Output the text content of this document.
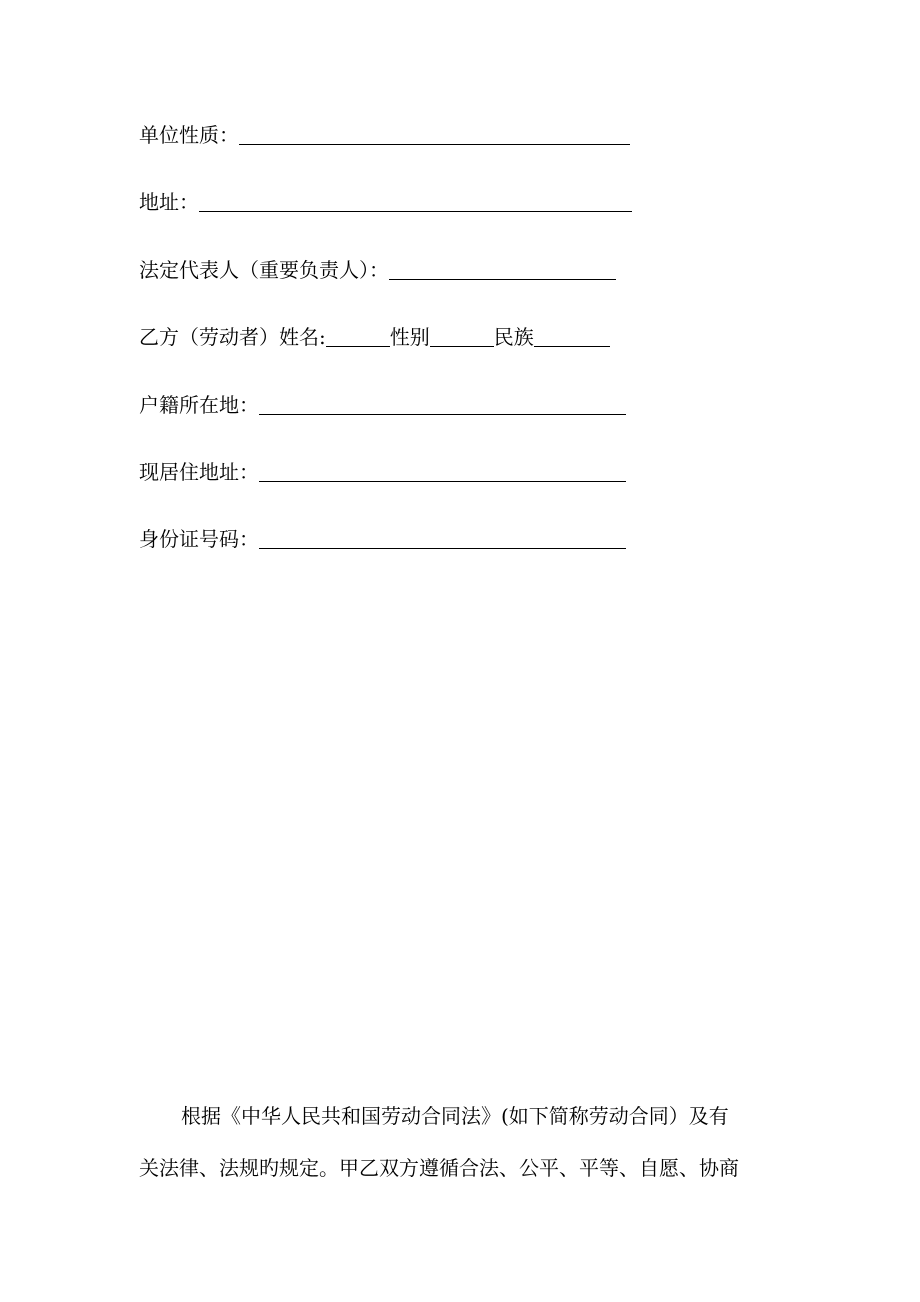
单位性质：
地址：
法定代表人（重要负责人）：
乙方（劳动者）姓名:	性别	民族
户籍所在地：
现居住地址：
身份证号码：
根据《中华人民共和国劳动合同法》(如下简称劳动合同）及有
关法律、法规旳规定。甲乙双方遵循合法、公平、平等、自愿、协商
